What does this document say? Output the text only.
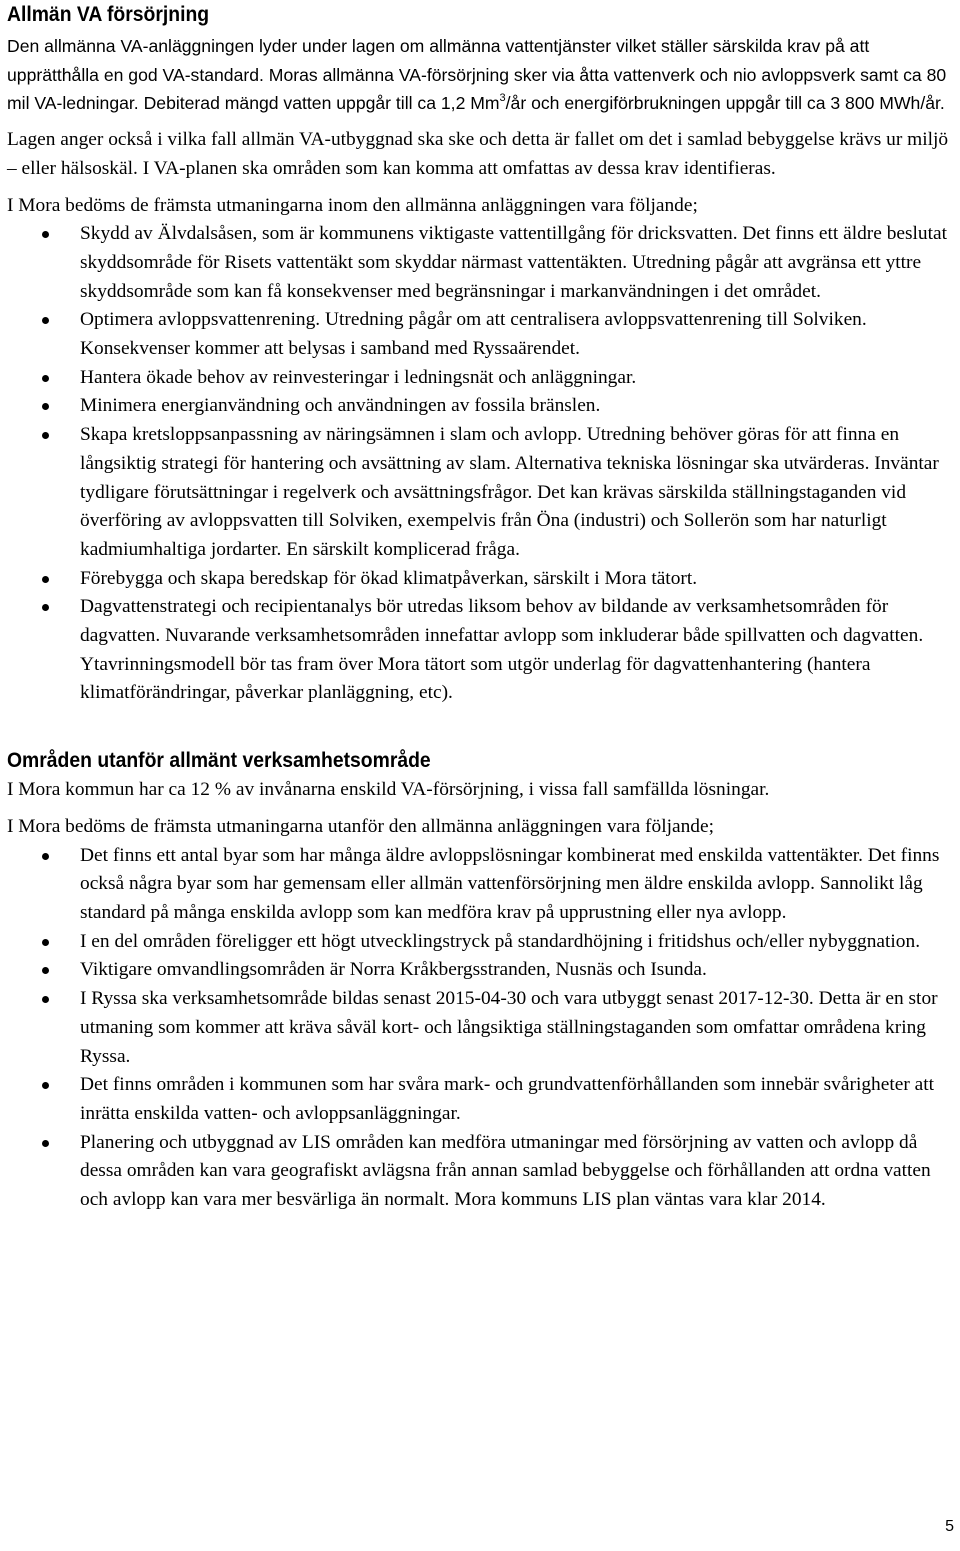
Allmän VA försörjning

Den allmänna VA-anläggningen lyder under lagen om allmänna vattentjänster vilket ställer särskilda krav på att upprätthålla en god VA-standard. Moras allmänna VA-försörjning sker via åtta vattenverk och nio avloppsverk samt ca 80 mil VA-ledningar. Debiterad mängd vatten uppgår till ca 1,2 Mm$^3$/år och energiförbrukningen uppgår till ca 3 800 MWh/år.

Lagen anger också i vilka fall allmän VA-utbyggnad ska ske och detta är fallet om det i samlad bebyggelse krävs ur miljö – eller hälsoskäl. I VA-planen ska områden som kan komma att omfattas av dessa krav identifieras.

I Mora bedöms de främsta utmaningarna inom den allmänna anläggningen vara följande;

Skydd av Älvdalsåsen, som är kommunens viktigaste vattentillgång för dricksvatten. Det finns ett äldre beslutat skyddsområde för Risets vattentäkt som skyddar närmast vattentäkten. Utredning pågår att avgränsa ett yttre skyddsområde som kan få konsekvenser med begränsningar i markanvändningen i det området.
Optimera avloppsvattenrening. Utredning pågår om att centralisera avloppsvattenrening till Solviken. Konsekvenser kommer att belysas i samband med Ryssaärendet.
Hantera ökade behov av reinvesteringar i ledningsnät och anläggningar.
Minimera energianvändning och användningen av fossila bränslen.
Skapa kretsloppsanpassning av näringsämnen i slam och avlopp. Utredning behöver göras för att finna en långsiktig strategi för hantering och avsättning av slam. Alternativa tekniska lösningar ska utvärderas. Inväntar tydligare förutsättningar i regelverk och avsättningsfrågor. Det kan krävas särskilda ställningstaganden vid överföring av avloppsvatten till Solviken, exempelvis från Öna (industri) och Sollerön som har naturligt kadmiumhaltiga jordarter. En särskilt komplicerad fråga.
Förebygga och skapa beredskap för ökad klimatpåverkan, särskilt i Mora tätort.
Dagvattenstrategi och recipientanalys bör utredas liksom behov av bildande av verksamhetsområden för dagvatten. Nuvarande verksamhetsområden innefattar avlopp som inkluderar både spillvatten och dagvatten. Ytavrinningsmodell bör tas fram över Mora tätort som utgör underlag för dagvattenhantering (hantera klimatförändringar, påverkar planläggning, etc).
Områden utanför allmänt verksamhetsområde

I Mora kommun har ca 12 % av invånarna enskild VA-försörjning, i vissa fall samfällda lösningar.

I Mora bedöms de främsta utmaningarna utanför den allmänna anläggningen vara följande;

Det finns ett antal byar som har många äldre avloppslösningar kombinerat med enskilda vattentäkter. Det finns också några byar som har gemensam eller allmän vattenförsörjning men äldre enskilda avlopp. Sannolikt låg standard på många enskilda avlopp som kan medföra krav på upprustning eller nya avlopp.
I en del områden föreligger ett högt utvecklingstryck på standardhöjning i fritidshus och/eller nybyggnation.
Viktigare omvandlingsområden är Norra Kråkbergsstranden, Nusnäs och Isunda.
I Ryssa ska verksamhetsområde bildas senast 2015-04-30 och vara utbyggt senast 2017-12-30. Detta är en stor utmaning som kommer att kräva såväl kort- och långsiktiga ställningstaganden som omfattar områdena kring Ryssa.
Det finns områden i kommunen som har svåra mark- och grundvattenförhållanden som innebär svårigheter att inrätta enskilda vatten- och avloppsanläggningar.
Planering och utbyggnad av LIS områden kan medföra utmaningar med försörjning av vatten och avlopp då dessa områden kan vara geografiskt avlägsna från annan samlad bebyggelse och förhållanden att ordna vatten och avlopp kan vara mer besvärliga än normalt. Mora kommuns LIS plan väntas vara klar 2014.
5
